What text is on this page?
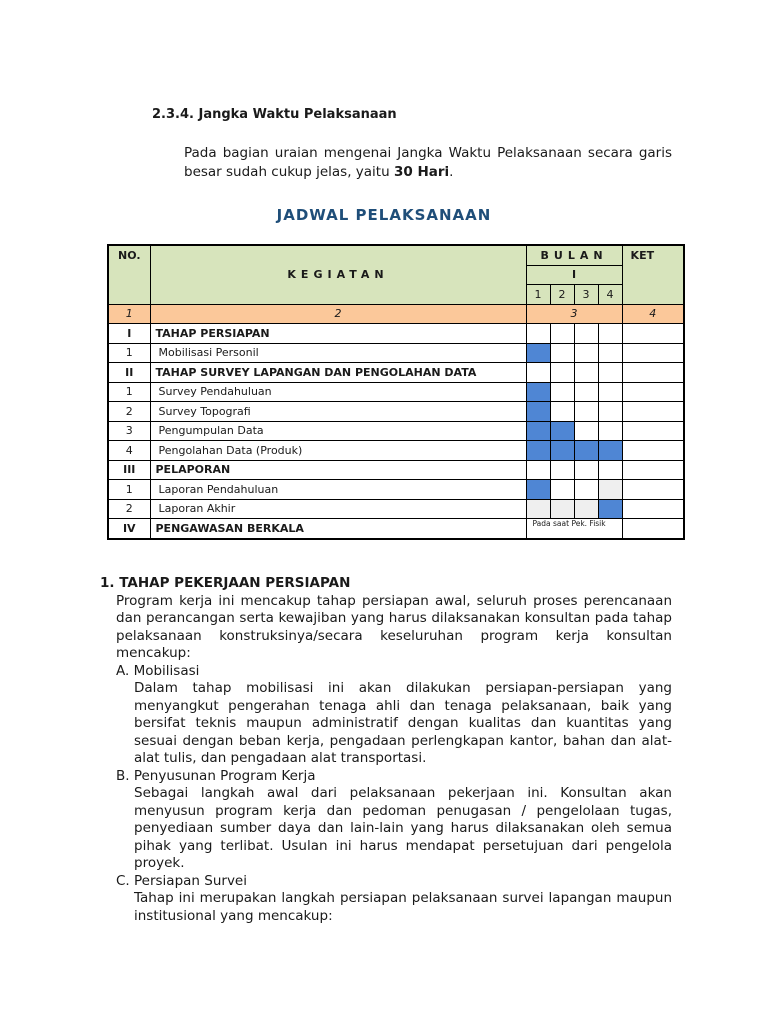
2.3.4. Jangka Waktu Pelaksanaan
Pada bagian uraian mengenai Jangka Waktu Pelaksanaan secara garis besar sudah cukup jelas, yaitu 30 Hari.
JADWAL PELAKSANAAN
NO.	KEGIATAN	BULAN				KET
		I				
		1	2	3	4	
1	2	3				4
I	TAHAP PERSIAPAN					
1	Mobilisasi Personil					
II	TAHAP SURVEY LAPANGAN DAN PENGOLAHAN DATA					
1	Survey Pendahuluan					
2	Survey Topografi					
3	Pengumpulan Data					
4	Pengolahan Data (Produk)					
III	PELAPORAN					
1	Laporan Pendahuluan					
2	Laporan Akhir					
IV	PENGAWASAN BERKALA	Pada saat Pek. Fisik				

1. TAHAP PEKERJAAN PERSIAPAN

Program kerja ini mencakup tahap persiapan awal, seluruh proses perencanaan dan perancangan serta kewajiban yang harus dilaksanakan konsultan pada tahap pelaksanaan konstruksinya/secara keseluruhan program kerja konsultan mencakup:

A. Mobilisasi

Dalam tahap mobilisasi ini akan dilakukan persiapan-persiapan yang menyangkut pengerahan tenaga ahli dan tenaga pelaksanaan, baik yang bersifat teknis maupun administratif dengan kualitas dan kuantitas yang sesuai dengan beban kerja, pengadaan perlengkapan kantor, bahan dan alat-alat tulis, dan pengadaan alat transportasi.

B. Penyusunan Program Kerja

Sebagai langkah awal dari pelaksanaan pekerjaan ini. Konsultan akan menyusun program kerja dan pedoman penugasan / pengelolaan tugas, penyediaan sumber daya dan lain-lain yang harus dilaksanakan oleh semua pihak yang terlibat. Usulan ini harus mendapat persetujuan dari pengelola proyek.

C. Persiapan Survei

Tahap ini merupakan langkah persiapan pelaksanaan survei lapangan maupun institusional yang mencakup:
